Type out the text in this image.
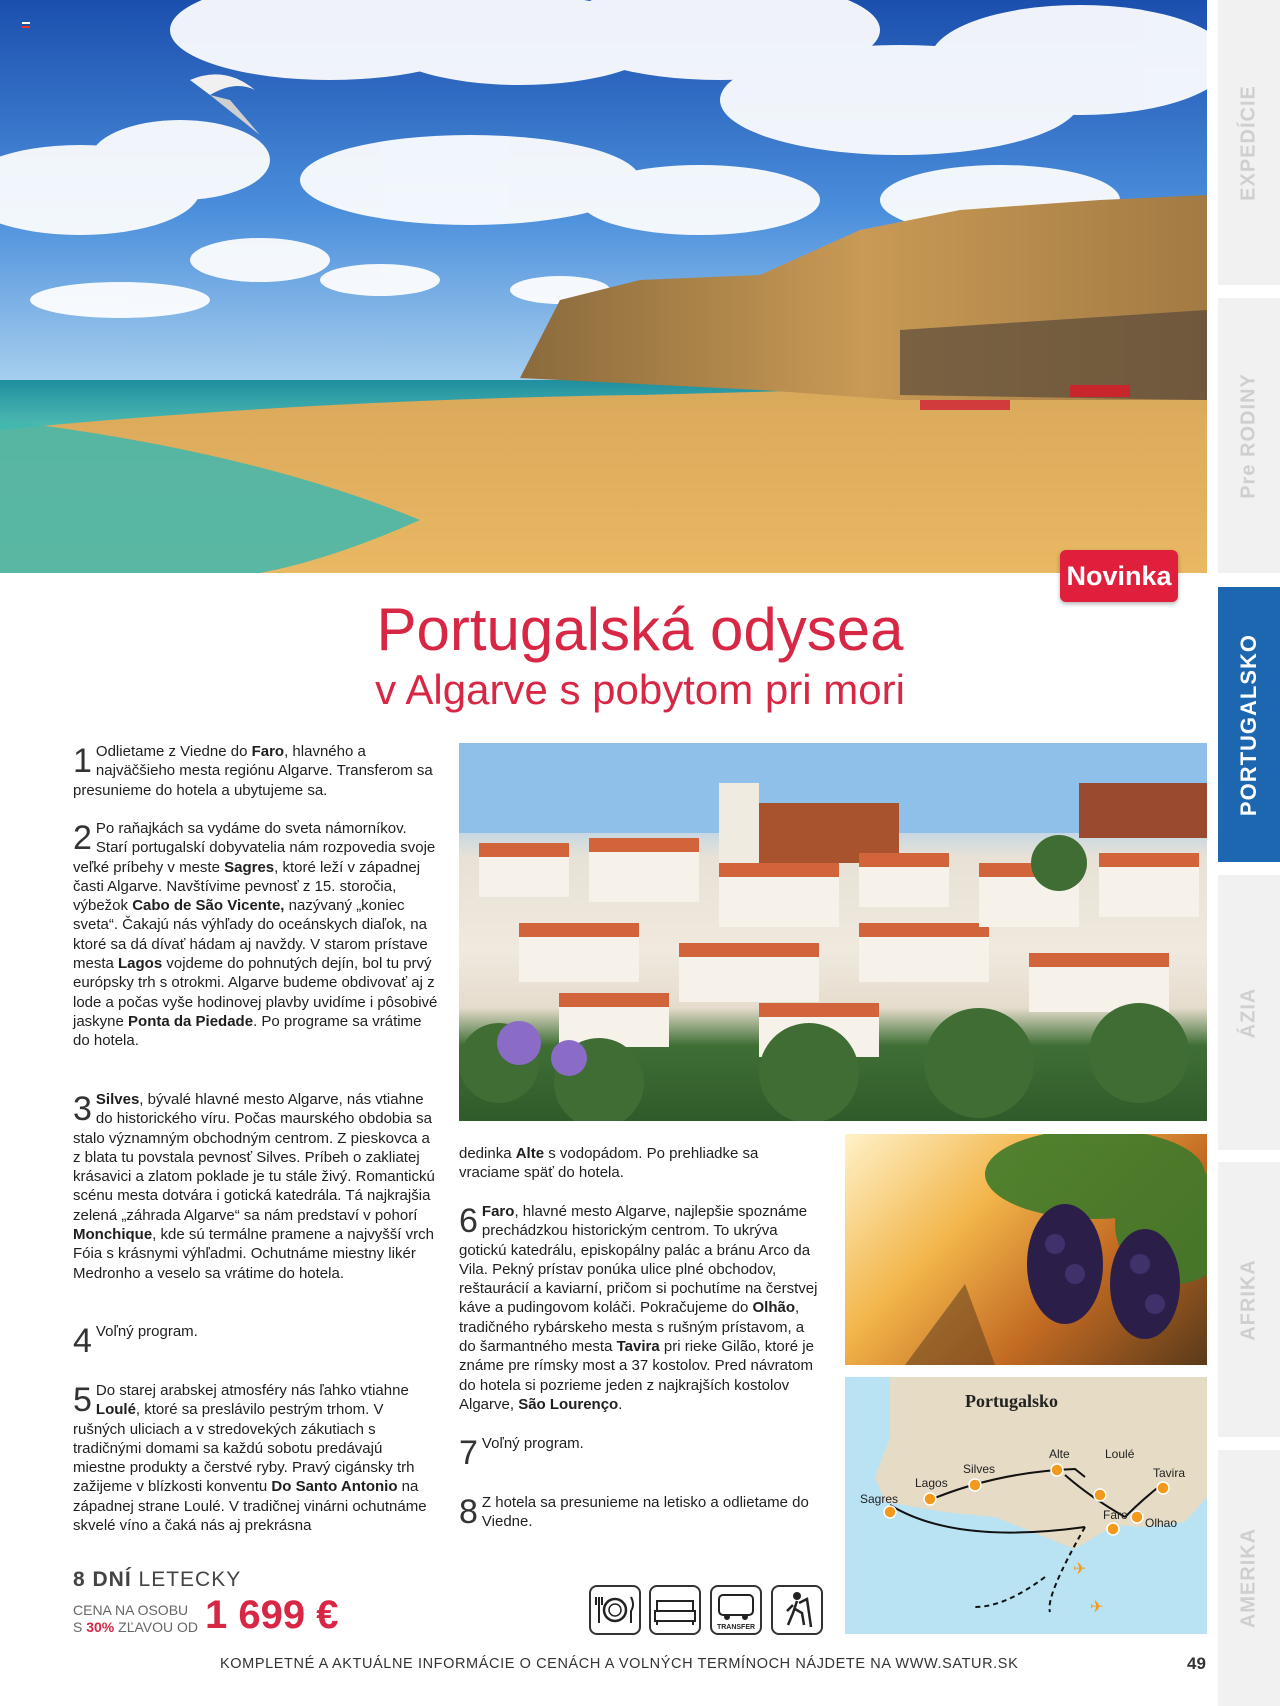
EXPEDÍCIE
Pre RODINY
PORTUGALSKO
ÁZIA
AFRIKA
AMERIKA
Novinka
Portugalská odysea
v Algarve s pobytom pri mori
1 Odlietame z Viedne do Faro, hlavného a najväčšieho mesta regiónu Algarve. Transferom sa presunieme do hotela a ubytujeme sa.
2 Po raňajkách sa vydáme do sveta námorníkov. Starí portugalskí dobyvatelia nám rozpovedia svoje veľké príbehy v meste Sagres, ktoré leží v západnej časti Algarve. Navštívime pevnosť z 15. storočia, výbežok Cabo de São Vicente, nazývaný „koniec sveta“. Čakajú nás výhľady do oceánskych diaľok, na ktoré sa dá dívať hádam aj navždy. V starom prístave mesta Lagos vojdeme do pohnutých dejín, bol tu prvý európsky trh s otrokmi. Algarve budeme obdivovať aj z lode a počas vyše hodinovej plavby uvidíme i pôsobivé jaskyne Ponta da Piedade. Po programe sa vrátime do hotela.
3 Silves, bývalé hlavné mesto Algarve, nás vtiahne do historického víru. Počas maurského obdobia sa stalo významným obchodným centrom. Z pieskovca a z blata tu povstala pevnosť Silves. Príbeh o zakliatej krásavici a zlatom poklade je tu stále živý. Romantickú scénu mesta dotvára i gotická katedrála. Tá najkrajšia zelená „záhrada Algarve“ sa nám predstaví v pohorí Monchique, kde sú termálne pramene a najvyšší vrch Fóia s krásnymi výhľadmi. Ochutnáme miestny likér Medronho a veselo sa vrátime do hotela.
4 Voľný program.
5 Do starej arabskej atmosféry nás ľahko vtiahne Loulé, ktoré sa preslávilo pestrým trhom. V rušných uliciach a v stredovekých zákutiach s tradičnými domami sa každú sobotu predávajú miestne produkty a čerstvé ryby. Pravý cigánsky trh zažijeme v blízkosti konventu Do Santo Antonio na západnej strane Loulé. V tradičnej vinárni ochutnáme skvelé víno a čaká nás aj prekrásna
dedinka Alte s vodopádom. Po prehliadke sa vraciame späť do hotela.
6 Faro, hlavné mesto Algarve, najlepšie spoznáme prechádzkou historickým centrom. To ukrýva gotickú katedrálu, episkopálny palác a bránu Arco da Vila. Pekný prístav ponúka ulice plné obchodov, reštaurácií a kaviarní, pričom si pochutíme na čerstvej káve a pudingovom koláči. Pokračujeme do Olhão, tradičného rybárskeho mesta s rušným prístavom, a do šarmantného mesta Tavira pri rieke Gilão, ktoré je známe pre rímsky most a 37 kostolov. Pred návratom do hotela si pozrieme jeden z najkrajších kostolov Algarve, São Lourenço.
7 Voľný program.
8 Z hotela sa presunieme na letisko a odlietame do Viedne.
Portugalsko
Sagres
Lagos
Silves
Alte	Loulé
Tavira
Faro
Olhao
✈
✈
8 DNÍ LETECKY
CENA NA OSOBU
S 30% ZĽAVOU OD 1 699 €	TRANSFER
KOMPLETNÉ A AKTUÁLNE INFORMÁCIE O CENÁCH A VOLNÝCH TERMÍNOCH NÁJDETE NA WWW.SATUR.SK	49
